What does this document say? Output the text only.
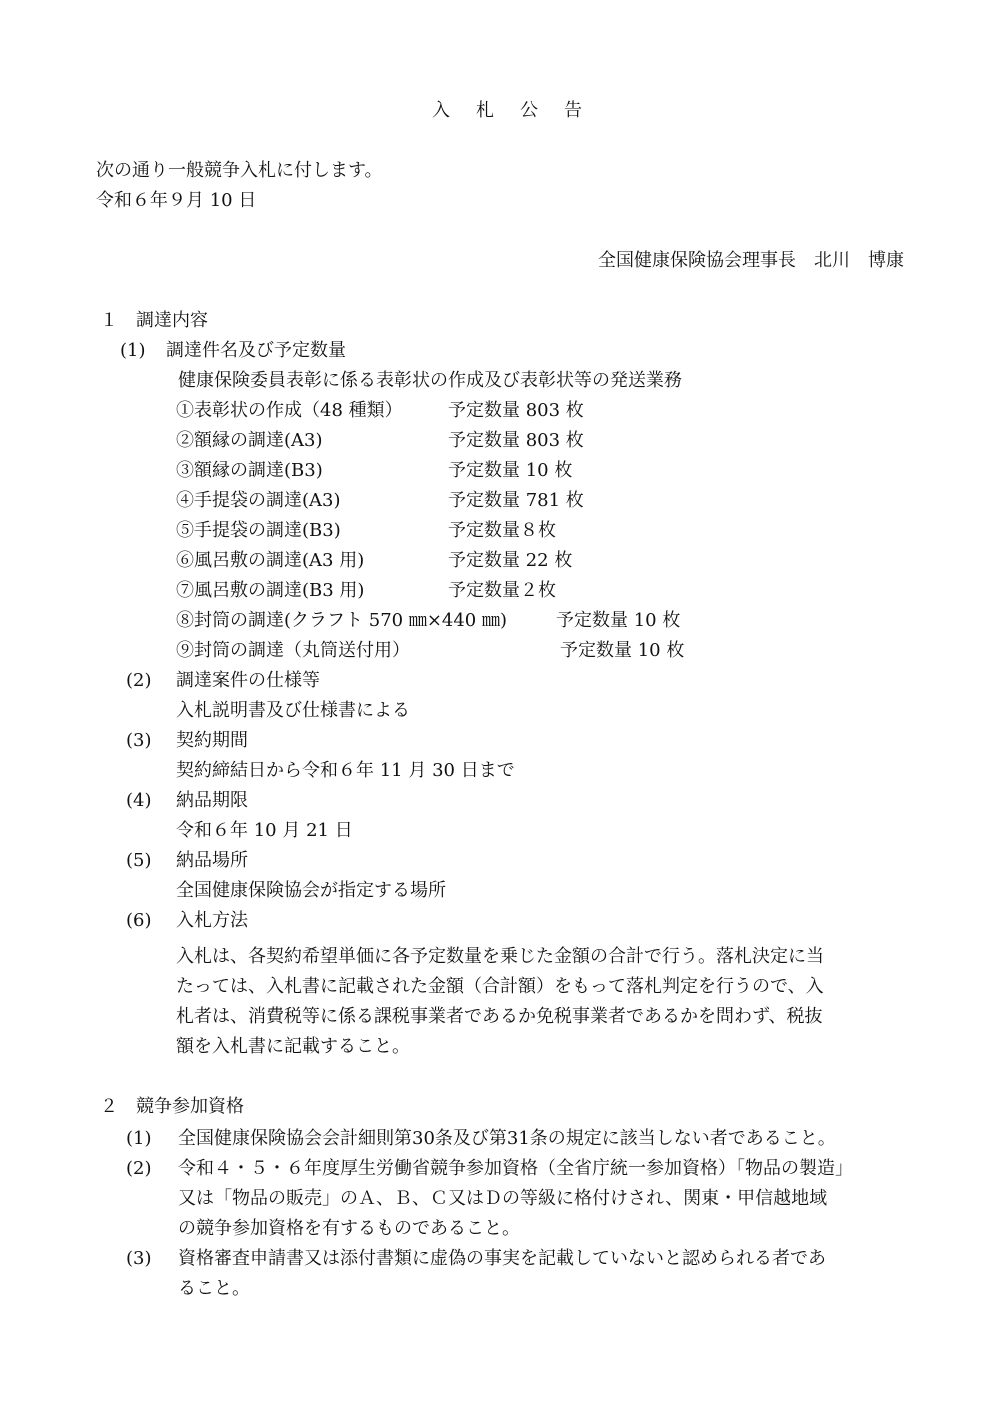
入札公告
次の通り一般競争入札に付します。
令和６年９月 10 日
全国健康保険協会理事長　北川　博康
１　調達内容
(1) 調達件名及び予定数量
健康保険委員表彰に係る表彰状の作成及び表彰状等の発送業務
①表彰状の作成（48 種類）	予定数量 803 枚
②額縁の調達(A3)	予定数量 803 枚
③額縁の調達(B3)	予定数量 10 枚
④手提袋の調達(A3)	予定数量 781 枚
⑤手提袋の調達(B3)	予定数量８枚
⑥風呂敷の調達(A3 用)	予定数量 22 枚
⑦風呂敷の調達(B3 用)	予定数量２枚
⑧封筒の調達(クラフト 570 ㎜×440 ㎜)	予定数量 10 枚
⑨封筒の調達（丸筒送付用）	予定数量 10 枚
(2) 調達案件の仕様等
入札説明書及び仕様書による
(3) 契約期間
契約締結日から令和６年 11 月 30 日まで
(4) 納品期限
令和６年 10 月 21 日
(5) 納品場所
全国健康保険協会が指定する場所
(6) 入札方法
入札は、各契約希望単価に各予定数量を乗じた金額の合計で行う。落札決定に当
たっては、入札書に記載された金額（合計額）をもって落札判定を行うので、入
札者は、消費税等に係る課税事業者であるか免税事業者であるかを問わず、税抜
額を入札書に記載すること。
２　競争参加資格
(1) 全国健康保険協会会計細則第30条及び第31条の規定に該当しない者であること。
(2) 令和４・５・６年度厚生労働省競争参加資格（全省庁統一参加資格）「物品の製造」
又は「物品の販売」のＡ、Ｂ、Ｃ又はＤの等級に格付けされ、関東・甲信越地域
の競争参加資格を有するものであること。
(3) 資格審査申請書又は添付書類に虚偽の事実を記載していないと認められる者であ
ること。
